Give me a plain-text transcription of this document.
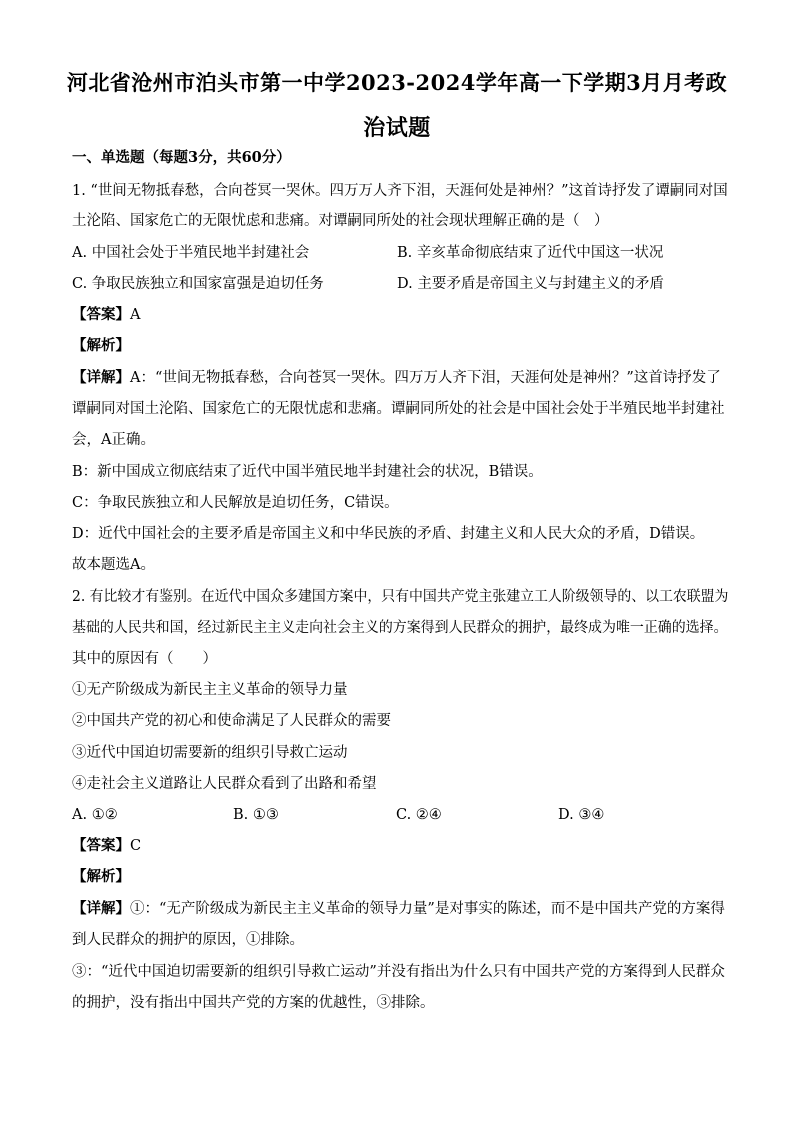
河北省沧州市泊头市第一中学2023-2024学年高一下学期3月月考政
治试题
一、单选题（每题3分，共60分）
1. “世间无物抵春愁，合向苍冥一哭休。四万万人齐下泪，天涯何处是神州？”这首诗抒发了谭嗣同对国
土沦陷、国家危亡的无限忧虑和悲痛。对谭嗣同所处的社会现状理解正确的是（　）
A. 中国社会处于半殖民地半封建社会	B. 辛亥革命彻底结束了近代中国这一状况
C. 争取民族独立和国家富强是迫切任务	D. 主要矛盾是帝国主义与封建主义的矛盾
【答案】A
【解析】
【详解】A：“世间无物抵春愁，合向苍冥一哭休。四万万人齐下泪，天涯何处是神州？”这首诗抒发了
谭嗣同对国土沦陷、国家危亡的无限忧虑和悲痛。谭嗣同所处的社会是中国社会处于半殖民地半封建社
会，A正确。
B：新中国成立彻底结束了近代中国半殖民地半封建社会的状况，B错误。
C：争取民族独立和人民解放是迫切任务，C错误。
D：近代中国社会的主要矛盾是帝国主义和中华民族的矛盾、封建主义和人民大众的矛盾，D错误。
故本题选A。
2. 有比较才有鉴别。在近代中国众多建国方案中，只有中国共产党主张建立工人阶级领导的、以工农联盟为
基础的人民共和国，经过新民主主义走向社会主义的方案得到人民群众的拥护，最终成为唯一正确的选择。
其中的原因有（　　）
①无产阶级成为新民主主义革命的领导力量
②中国共产党的初心和使命满足了人民群众的需要
③近代中国迫切需要新的组织引导救亡运动
④走社会主义道路让人民群众看到了出路和希望
A. ①②	B. ①③	C. ②④	D. ③④
【答案】C
【解析】
【详解】①：“无产阶级成为新民主主义革命的领导力量”是对事实的陈述，而不是中国共产党的方案得
到人民群众的拥护的原因，①排除。
③：“近代中国迫切需要新的组织引导救亡运动”并没有指出为什么只有中国共产党的方案得到人民群众
的拥护，没有指出中国共产党的方案的优越性，③排除。
